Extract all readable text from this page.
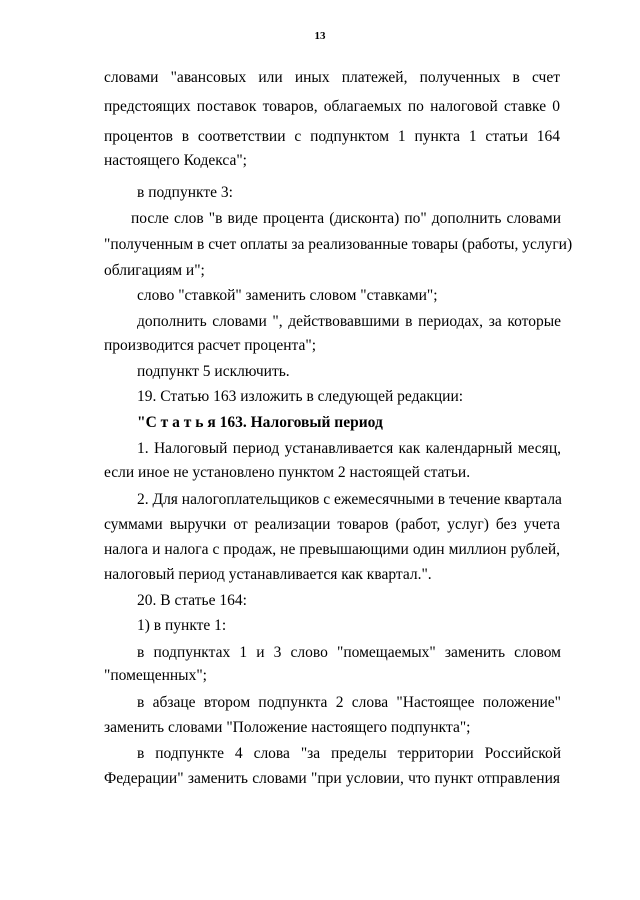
13
словами "авансовых или иных платежей, полученных в счет
предстоящих поставок товаров, облагаемых по налоговой ставке 0
процентов в соответствии с подпунктом 1 пункта 1 статьи 164
настоящего Кодекса";
в подпункте 3:
после слов "в виде процента (дисконта) по" дополнить словами
"полученным в счет оплаты за реализованные товары (работы, услуги)
облигациям и";
слово "ставкой" заменить словом "ставками";
дополнить словами ", действовавшими в периодах, за которые
производится расчет процента";
подпункт 5 исключить.
19. Статью 163 изложить в следующей редакции:
"С т а т ь я 163. Налоговый период
1. Налоговый период устанавливается как календарный месяц,
если иное не установлено пунктом 2 настоящей статьи.
2. Для налогоплательщиков с ежемесячными в течение квартала
суммами выручки от реализации товаров (работ, услуг) без учета
налога и налога с продаж, не превышающими один миллион рублей,
налоговый период устанавливается как квартал.".
20. В статье 164:
1) в пункте 1:
в подпунктах 1 и 3 слово "помещаемых" заменить словом
"помещенных";
в абзаце втором подпункта 2 слова "Настоящее положение"
заменить словами "Положение настоящего подпункта";
в подпункте 4 слова "за пределы территории Российской
Федерации" заменить словами "при условии, что пункт отправления
